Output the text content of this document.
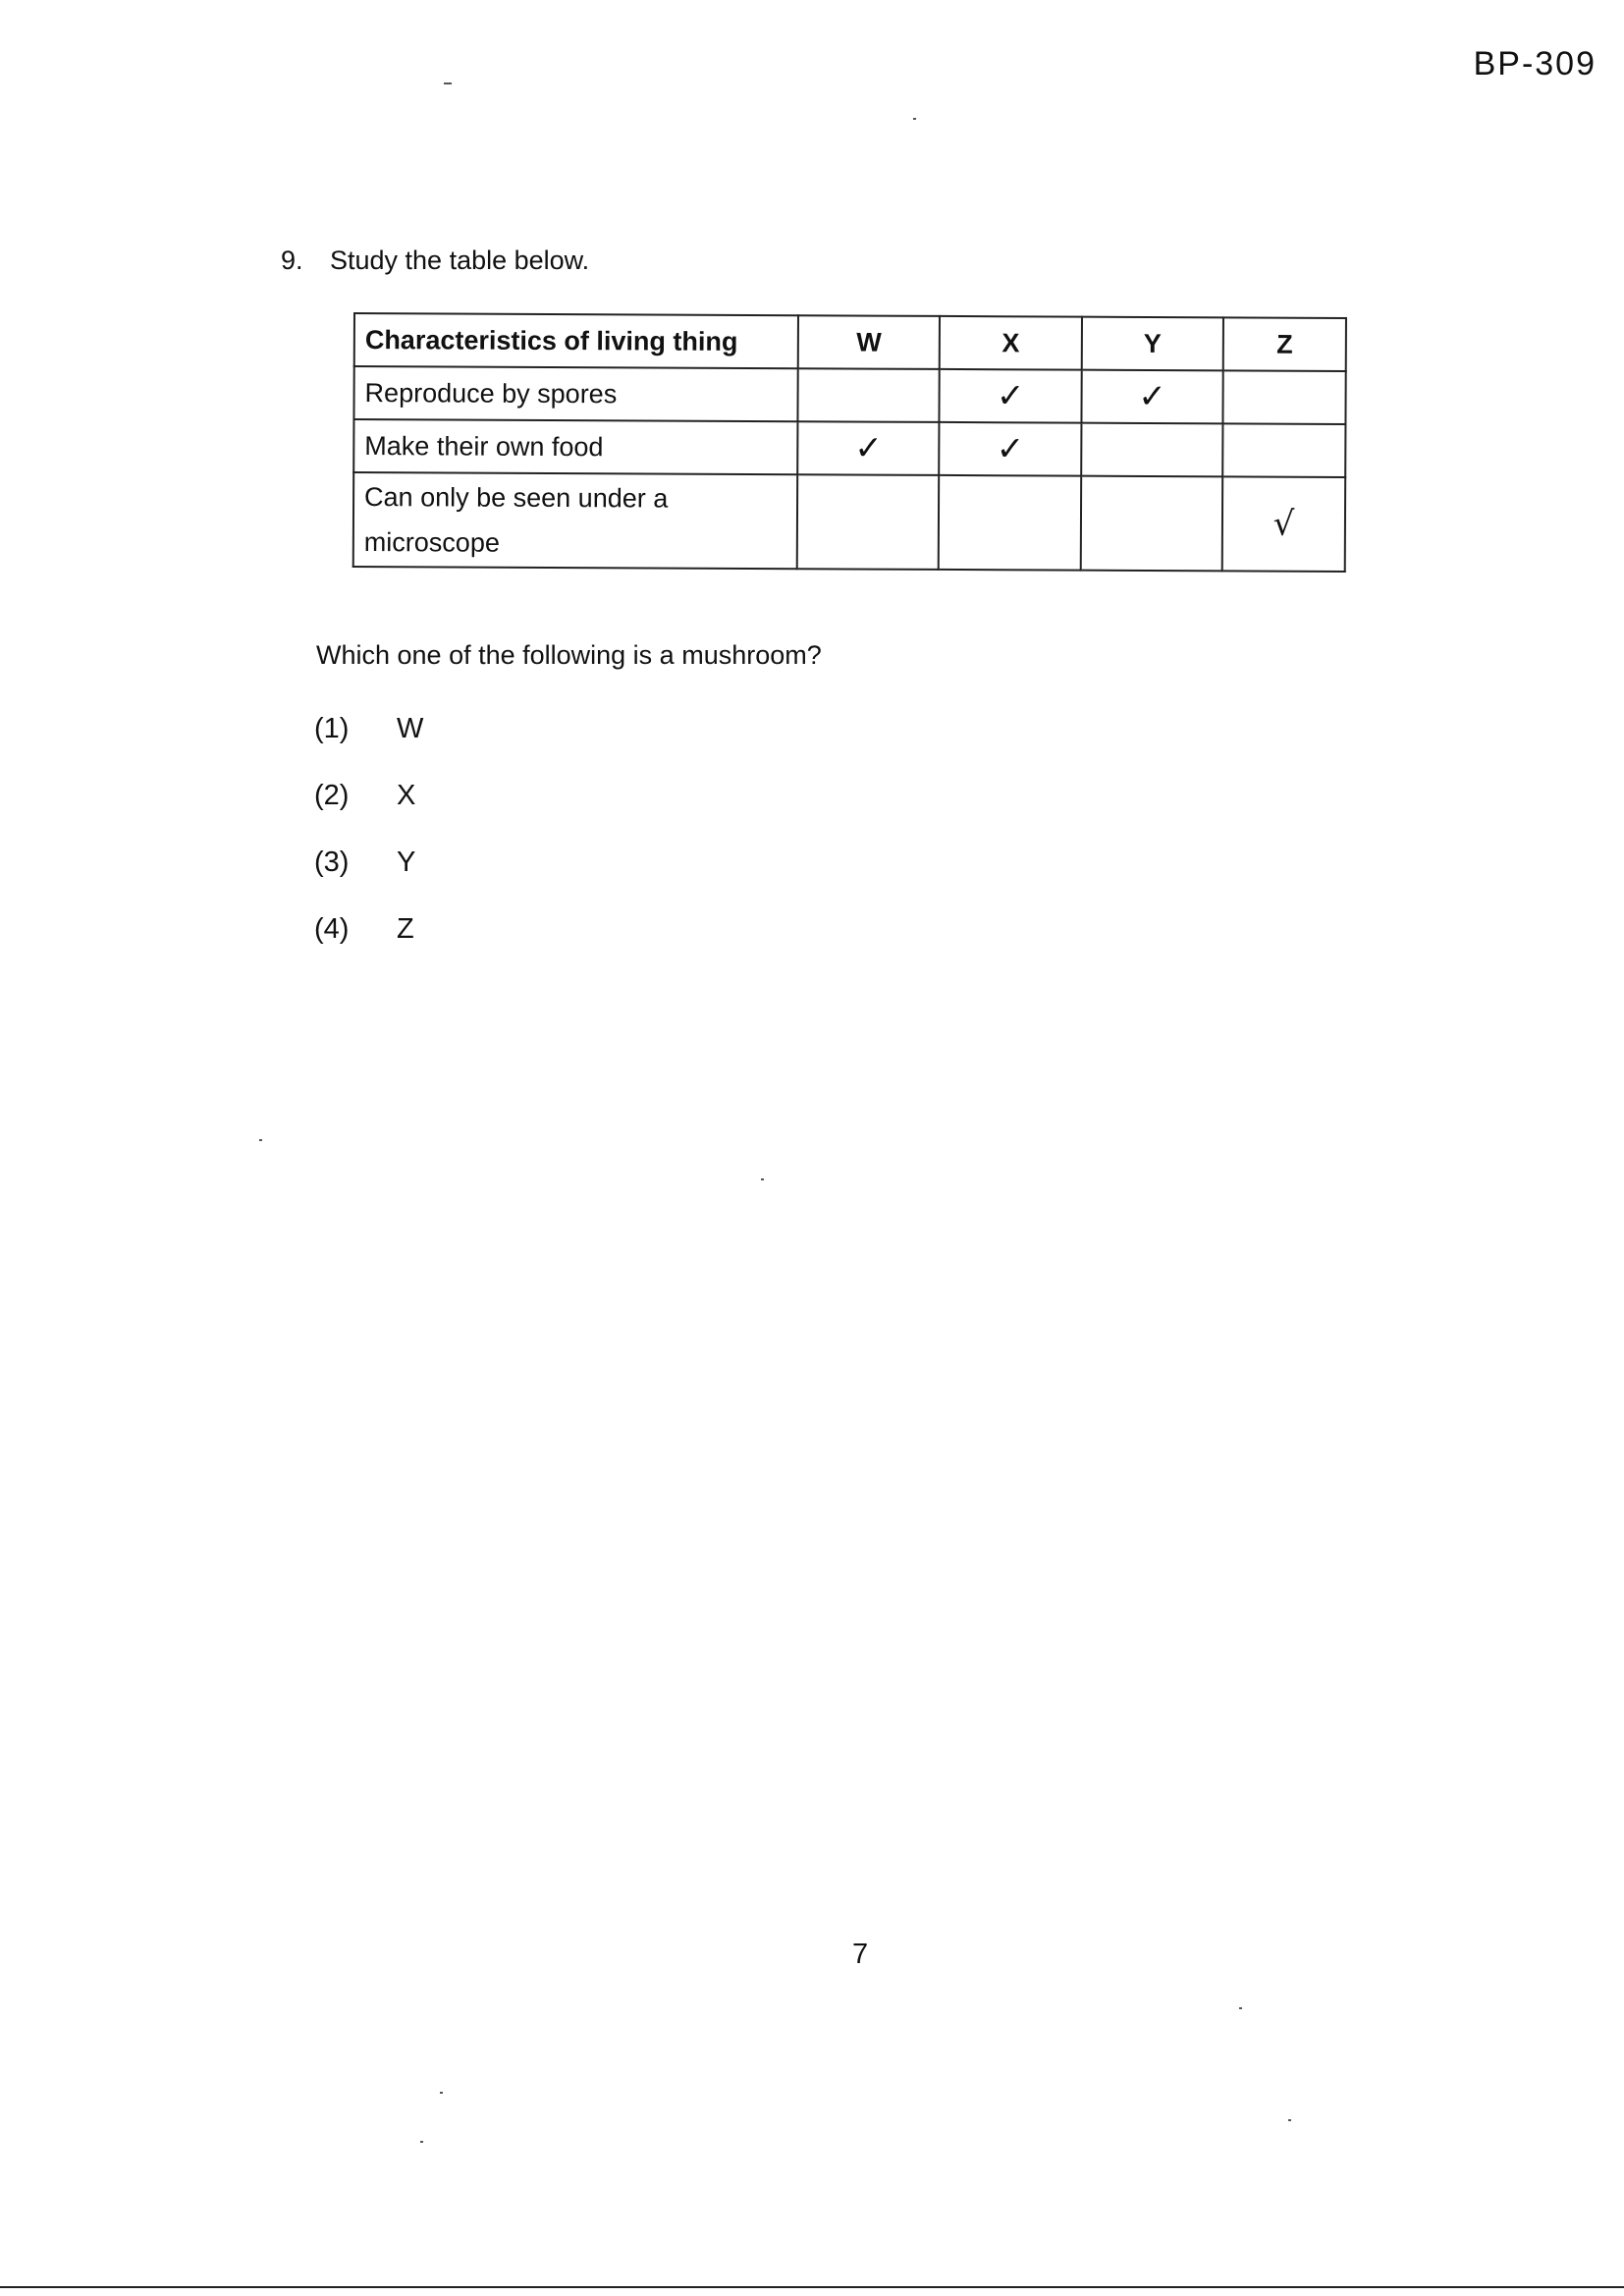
BP-309
9. Study the table below.
Characteristics of living thing	W	X	Y	Z
Reproduce by spores		✓	✓	
Make their own food	✓	✓		
Can only be seen under a microscope				√
Which one of the following is a mushroom?
(1)	W
(2)	X
(3)	Y
(4)	Z
7
